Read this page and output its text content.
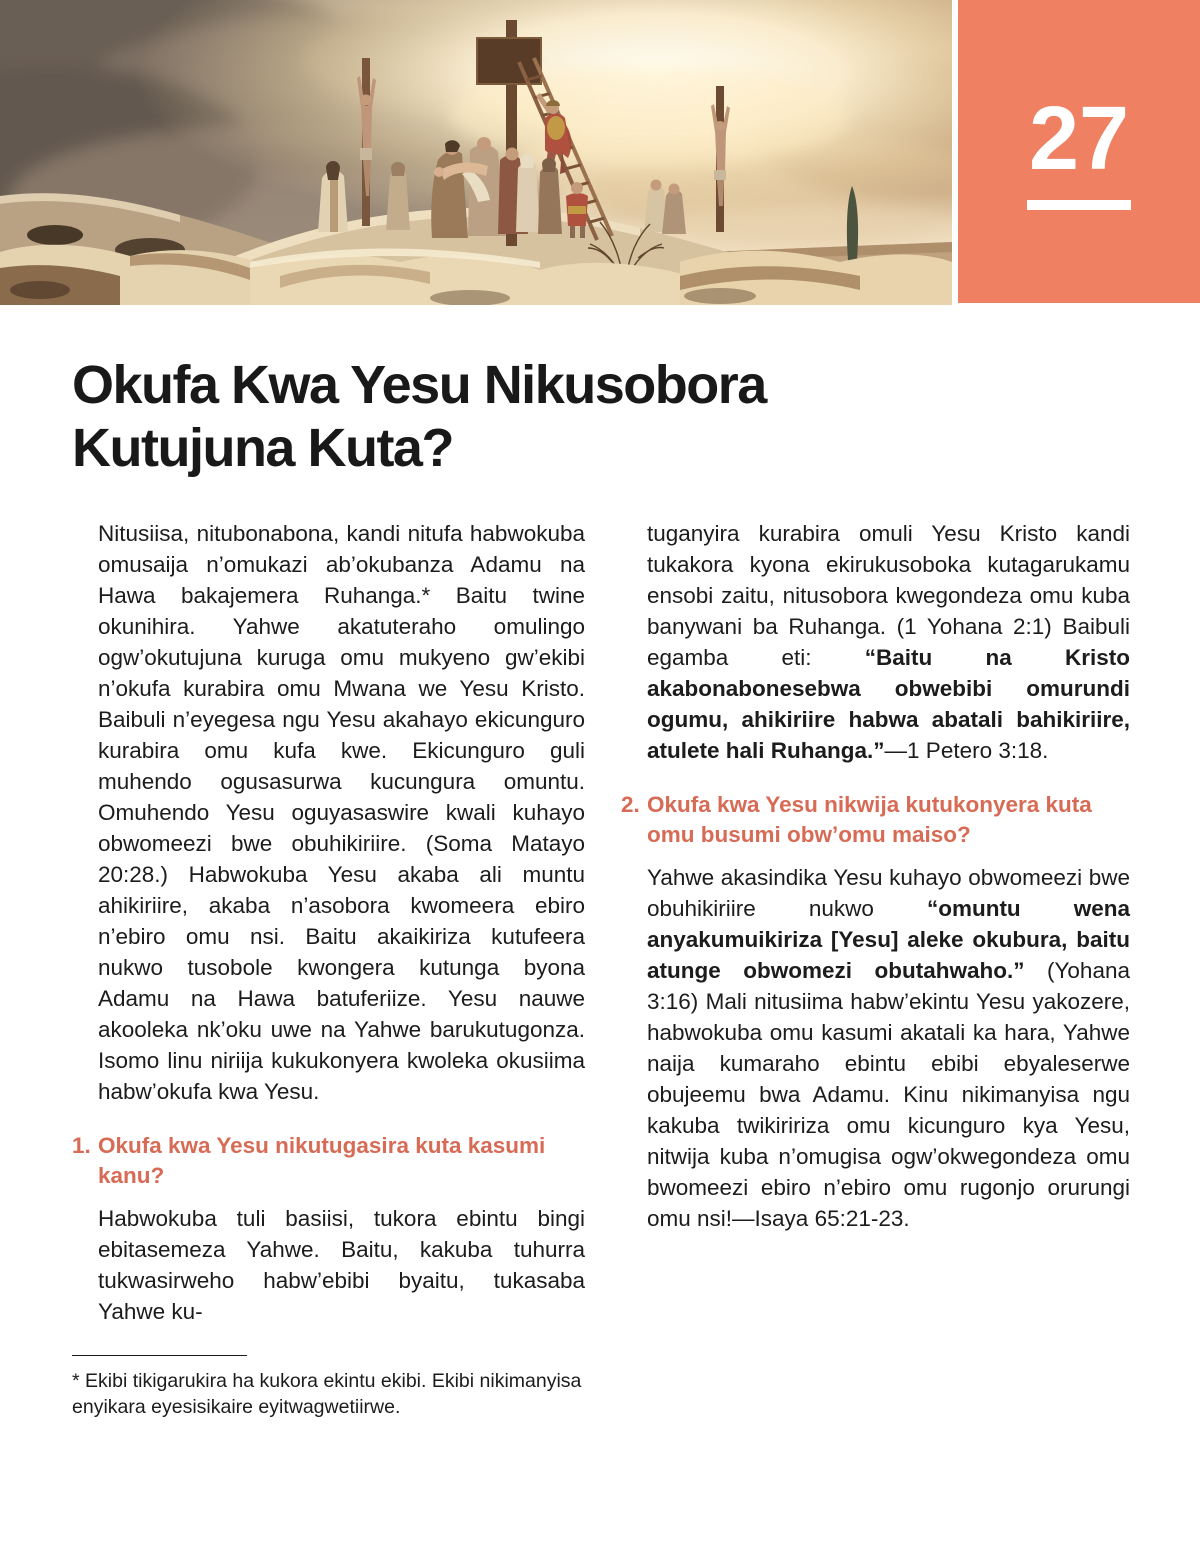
27
Okufa Kwa Yesu Nikusobora
Kutujuna Kuta?

Nitusiisa, nitubonabona, kandi nitufa habwokuba omusaija n’omukazi ab’okubanza Adamu na Hawa bakajemera Ruhanga.* Baitu twine okunihira. Yahwe akatuteraho omulingo ogw’okutujuna kuruga omu mukyeno gw’ekibi n’okufa kurabira omu Mwana we Yesu Kristo. Baibuli n’eyegesa ngu Yesu akahayo ekicunguro kurabira omu kufa kwe. Ekicunguro guli muhendo ogusasurwa kucungura omuntu. Omuhendo Yesu oguyasaswire kwali kuhayo obwomeezi bwe obuhikiriire. (Soma Matayo 20:28.) Habwokuba Yesu akaba ali muntu ahikiriire, akaba n’asobora kwomeera ebiro n’ebiro omu nsi. Baitu akaikiriza kutufeera nukwo tusobole kwongera kutunga byona Adamu na Hawa batuferiize. Yesu nauwe akooleka nk’oku uwe na Yahwe barukutugonza. Isomo linu niriija kukukonyera kwoleka okusiima habw’okufa kwa Yesu.

1. Okufa kwa Yesu nikutugasira kuta kasumi kanu?

Habwokuba tuli basiisi, tukora ebintu bingi ebitasemeza Yahwe. Baitu, kakuba tuhurra tukwasirweho habw’ebibi byaitu, tukasaba Yahwe ku-

* Ekibi tikigarukira ha kukora ekintu ekibi. Ekibi nikimanyisa enyikara eyesisikaire eyitwagwetiirwe.

tuganyira kurabira omuli Yesu Kristo kandi tukakora kyona ekirukusoboka kutagarukamu ensobi zaitu, nitusobora kwegondeza omu kuba banywani ba Ruhanga. (1 Yohana 2:1) Baibuli egamba eti: “Baitu na Kristo akabonabonesebwa obwebibi omurundi ogumu, ahikiriire habwa abatali bahikiriire, atulete hali Ruhanga.”—1 Petero 3:18.

2. Okufa kwa Yesu nikwija kutukonyera kuta omu busumi obw’omu maiso?

Yahwe akasindika Yesu kuhayo obwomeezi bwe obuhikiriire nukwo “omuntu wena anyakumuikiriza [Yesu] aleke okubura, baitu atunge obwomezi obutahwaho.” (Yohana 3:16) Mali nitusiima habw’ekintu Yesu yakozere, habwokuba omu kasumi akatali ka hara, Yahwe naija kumaraho ebintu ebibi ebyaleserwe obujeemu bwa Adamu. Kinu nikimanyisa ngu kakuba twikiririza omu kicunguro kya Yesu, nitwija kuba n’omugisa ogw’okwegondeza omu bwomeezi ebiro n’ebiro omu rugonjo orurungi omu nsi!—Isaya 65:21-23.
